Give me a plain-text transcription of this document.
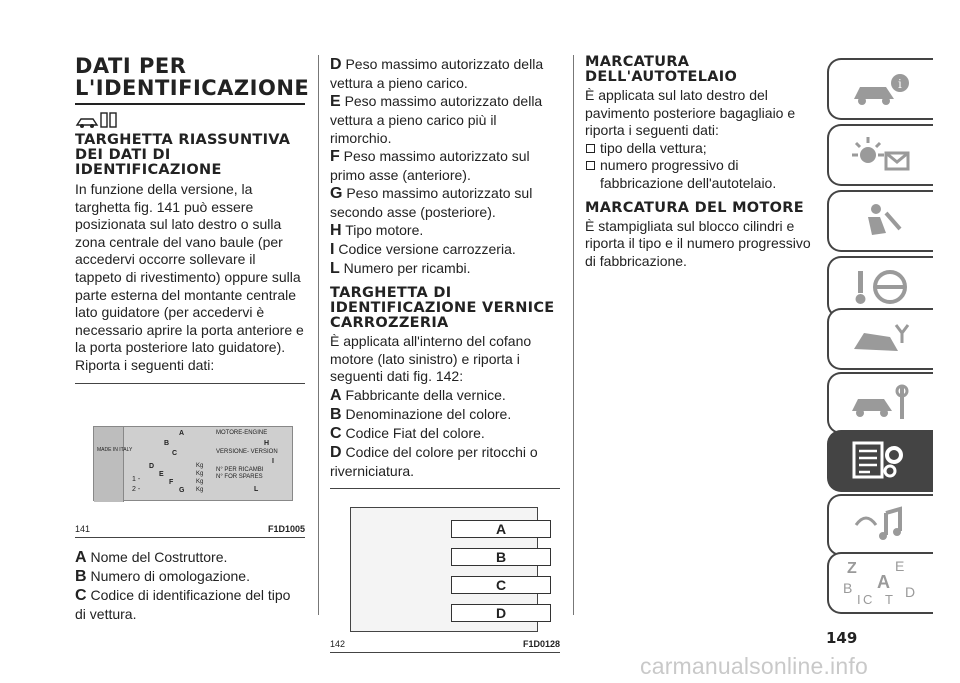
DATI PER L'IDENTIFICAZIONE
TARGHETTA RIASSUNTIVA DEI DATI DI IDENTIFICAZIONE

In funzione della versione, la targhetta fig. 141 può essere posizionata sul lato destro o sulla zona centrale del vano baule (per accedervi occorre sollevare il tappeto di rivestimento) oppure sulla parte esterna del montante centrale lato guidatore (per accedervi è necessario aprire la porta anteriore e la porta posteriore lato guidatore). Riporta i seguenti dati:

MADE IN ITALY
A
B
C
D
E
F
G
1 -
2 -
Kg
Kg
Kg
Kg
MOTORE-ENGINE
H
VERSIONE- VERSION
I
N° PER RICAMBI
N° FOR SPARES
L
141	F1D1005
A Nome del Costruttore.
B Numero di omologazione.
C Codice di identificazione del tipo di vettura.
D Peso massimo autorizzato della vettura a pieno carico.
E Peso massimo autorizzato della vettura a pieno carico più il rimorchio.
F Peso massimo autorizzato sul primo asse (anteriore).
G Peso massimo autorizzato sul secondo asse (posteriore).
H Tipo motore.
I Codice versione carrozzeria.
L Numero per ricambi.
TARGHETTA DI IDENTIFICAZIONE VERNICE CARROZZERIA

È applicata all'interno del cofano motore (lato sinistro) e riporta i seguenti dati fig. 142:

A Fabbricante della vernice.
B Denominazione del colore.
C Codice Fiat del colore.
D Codice del colore per ritocchi o riverniciatura.
A
B
C
D
142	F1D0128
MARCATURA DELL'AUTOTELAIO

È applicata sul lato destro del pavimento posteriore bagagliaio e riporta i seguenti dati:

tipo della vettura;
numero progressivo di fabbricazione dell'autotelaio.
MARCATURA DEL MOTORE

È stampigliata sul blocco cilindri e riporta il tipo e il numero progressivo di fabbricazione.

i
Z	E
A
B	D
C
I T
149
carmanualsonline.info
